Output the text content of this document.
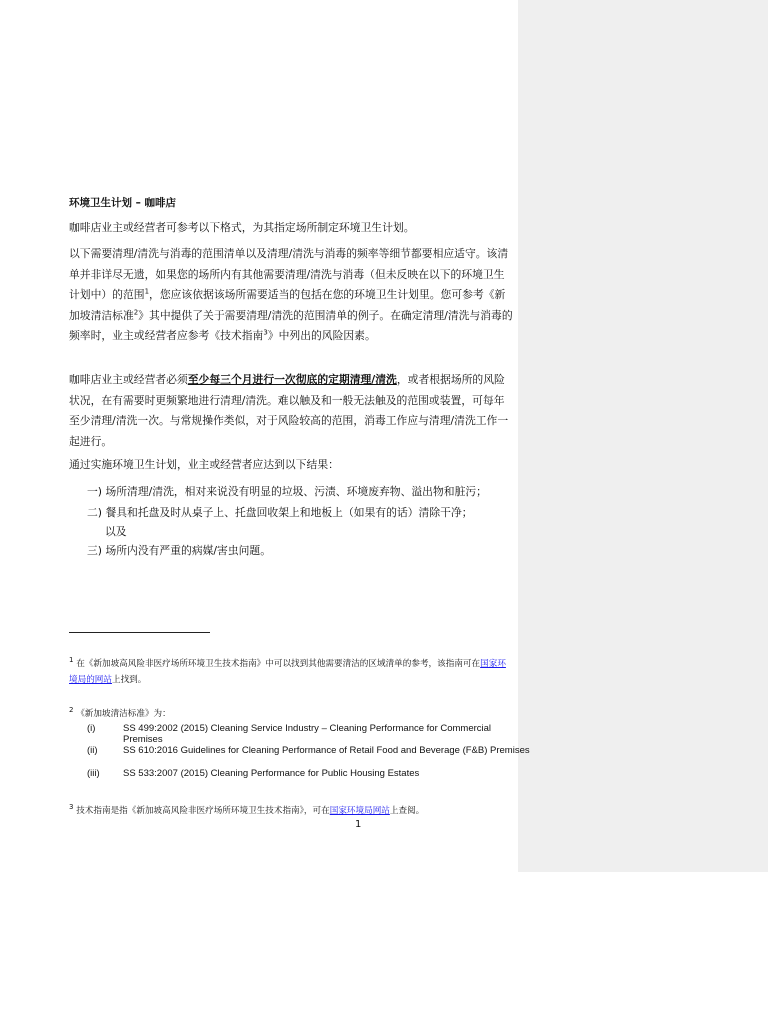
环境卫生计划 – 咖啡店
咖啡店业主或经营者可参考以下格式，为其指定场所制定环境卫生计划。
以下需要清理/清洗与消毒的范围清单以及清理/清洗与消毒的频率等细节都要相应适守。该清单并非详尽无遗，如果您的场所内有其他需要清理/清洗与消毒（但未反映在以下的环境卫生计划中）的范围$^1$，您应该依据该场所需要适当的包括在您的环境卫生计划里。您可参考《新加坡清洁标准$^2$》其中提供了关于需要清理/清洗的范围清单的例子。在确定清理/清洗与消毒的频率时，业主或经营者应参考《技术指南$^3$》中列出的风险因素。
咖啡店业主或经营者必须至少每三个月进行一次彻底的定期清理/清洗，或者根据场所的风险状况，在有需要时更频繁地进行清理/清洗。难以触及和一般无法触及的范围或装置，可每年至少清理/清洗一次。与常规操作类似，对于风险较高的范围，消毒工作应与清理/清洗工作一起进行。
通过实施环境卫生计划，业主或经营者应达到以下结果：
一) 场所清理/清洗，相对来说没有明显的垃圾、污渍、环境废弃物、溢出物和脏污；
二) 餐具和托盘及时从桌子上、托盘回收架上和地板上（如果有的话）清除干净；
以及
三) 场所内没有严重的病媒/害虫问题。
$^1$ 在《新加坡高风险非医疗场所环境卫生技术指南》中可以找到其他需要清洁的区域清单的参考，该指南可在国家环境局的网站上找到。
$^2$ 《新加坡清洁标准》为：
(i)	SS 499:2002 (2015) Cleaning Service Industry – Cleaning Performance for Commercial Premises
(ii)	SS 610:2016 Guidelines for Cleaning Performance of Retail Food and Beverage (F&B) Premises
(iii)	SS 533:2007 (2015) Cleaning Performance for Public Housing Estates
$^3$ 技术指南是指《新加坡高风险非医疗场所环境卫生技术指南》，可在国家环境局网站上查阅。
1
